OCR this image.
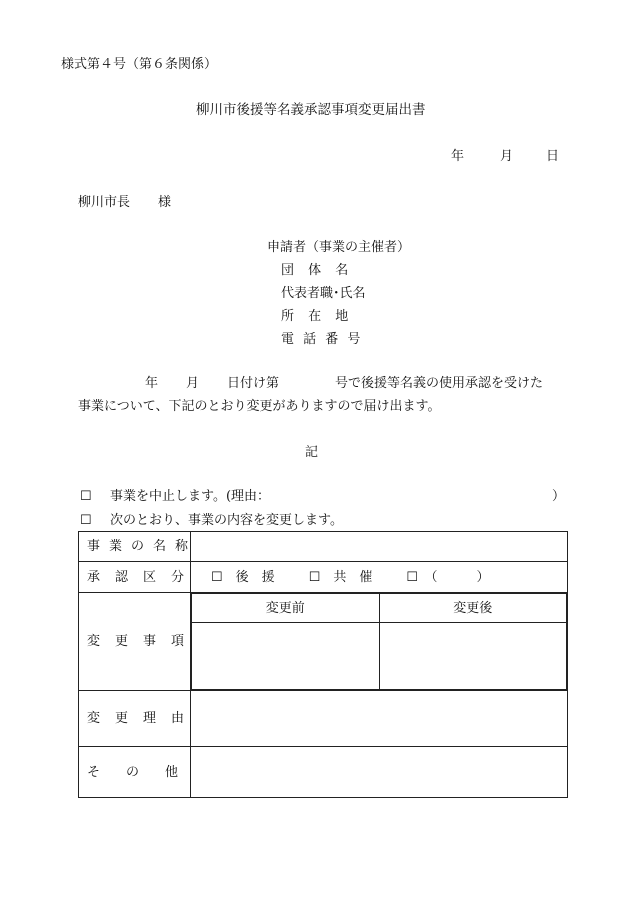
様式第４号（第６条関係）
柳川市後援等名義承認事項変更届出書
年	月	日
柳川市長 様
申請者（事業の主催者）
団 体 名
代表者職･氏名
所 在 地
電 話 番 号
年 月 日付け第	号で後援等名義の使用承認を受けた
事業について、下記のとおり変更がありますので届け出ます。
記
☐ 事業を中止します。(理由：	）
☐ 次のとおり、事業の内容を変更します。
事業の名称	
承認区分	☐　 後　援	☐　 共　催	☐　 （　　　）

変更事項	
変更前	変更後

変更理由	
その他	
